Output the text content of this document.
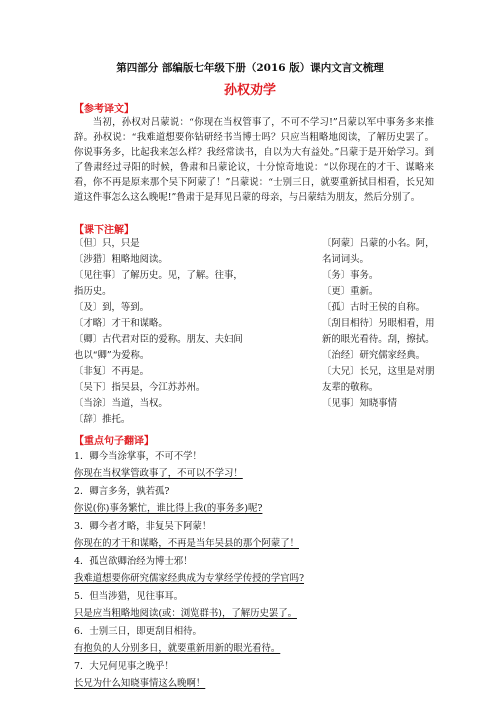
第四部分 部编版七年级下册（2016 版）课内文言文梳理
孙权劝学
【参考译文】

当初，孙权对吕蒙说：“你现在当权管事了，不可不学习!”吕蒙以军中事务多来推辞。孙权说：“我难道想要你钻研经书当博士吗？只应当粗略地阅读，了解历史罢了。你说事务多，比起我来怎么样？我经常读书，自以为大有益处。”吕蒙于是开始学习。到了鲁肃经过寻阳的时候，鲁肃和吕蒙论议，十分惊奇地说：“以你现在的才干、谋略来看，你不再是原来那个吴下阿蒙了！”吕蒙说：“士别三日，就要重新拭目相看，长兄知道这件事怎么这么晚呢!”鲁肃于是拜见吕蒙的母亲，与吕蒙结为朋友，然后分别了。

【课下注解】
〔但〕只，只是
〔涉猎〕粗略地阅读。
〔见往事〕了解历史。见，了解。往事，指历史。
〔及〕到，等到。
〔才略〕才干和谋略。
〔卿〕古代君对臣的爱称。朋友、夫妇间也以“卿”为爱称。
〔非复〕不再是。
〔吴下〕指吴县，今江苏苏州。
〔当涂〕当道，当权。
〔辞〕推托。
〔阿蒙〕吕蒙的小名。阿，名词词头。
〔务〕事务。
〔更〕重新。
〔孤〕古时王侯的自称。
〔刮目相待〕另眼相看，用新的眼光看待。刮，擦拭。
〔治经〕研究儒家经典。
〔大兄〕长兄，这里是对朋友辈的敬称。
〔见事〕知晓事情
【重点句子翻译】
1．卿今当涂掌事，不可不学！
你现在当权掌管政事了，不可以不学习！
2．卿言多务，孰若孤?
你说(你)事务繁忙，谁比得上我(的事务多)呢?
3．卿今者才略，非复吴下阿蒙！
你现在的才干和谋略，不再是当年吴县的那个阿蒙了！
4．孤岂欲卿治经为博士邪！
我难道想要你研究儒家经典成为专掌经学传授的学官吗?
5．但当涉猎，见往事耳。
只是应当粗略地阅读(或：浏览群书)，了解历史罢了。
6．士别三日，即更刮目相待。
有抱负的人分别多日，就要重新用新的眼光看待。
7．大兄何见事之晚乎！
长兄为什么知晓事情这么晚啊！
